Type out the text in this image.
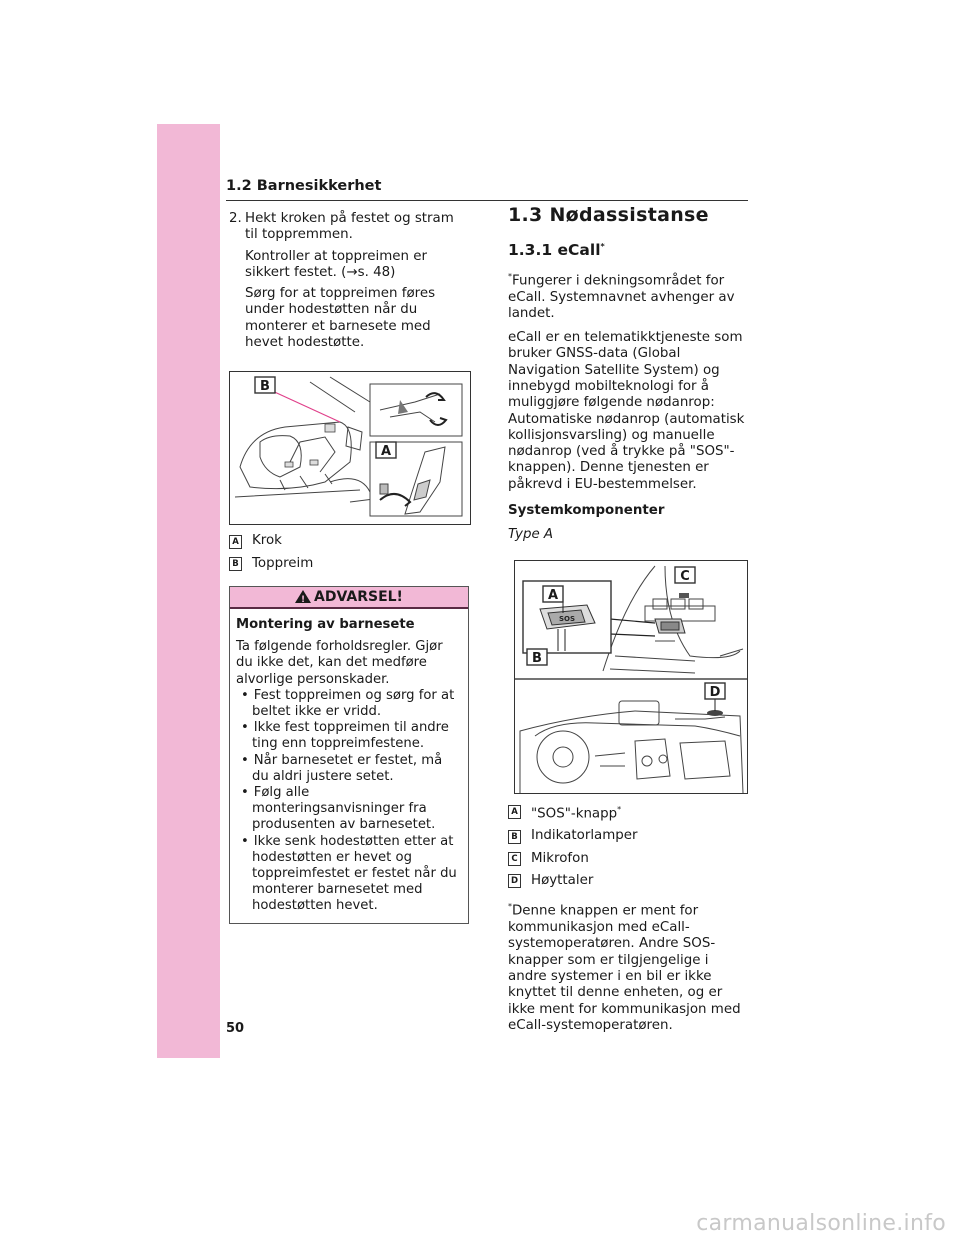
1.2 Barnesikkerhet
2. Hekt kroken på festet og stram til toppremmen.

Kontroller at toppreimen er sikkert festet. (→s. 48)

Sørg for at toppreimen føres under hodestøtten når du monterer et barnesete med hevet hodestøtte.

B
A
A Krok
B Toppreim
! ADVARSEL!

Montering av barnesete

Ta følgende forholdsregler. Gjør du ikke det, kan det medføre alvorlige personskader.

• Fest toppreimen og sørg for at beltet ikke er vridd.
• Ikke fest toppreimen til andre ting enn toppreimfestene.
• Når barnesetet er festet, må du aldri justere setet.
• Følg alle monteringsanvisninger fra produsenten av barnesetet.
• Ikke senk hodestøtten etter at hodestøtten er hevet og toppreimfestet er festet når du monterer barnesetet med hodestøtten hevet.
1.3 Nødassistanse
1.3.1 eCall*

*Fungerer i dekningsområdet for eCall. Systemnavnet avhenger av landet.

eCall er en telematikktjeneste som bruker GNSS-data (Global Navigation Satellite System) og innebygd mobilteknologi for å muliggjøre følgende nødanrop: Automatiske nødanrop (automatisk kollisjonsvarsling) og manuelle nødanrop (ved å trykke på "SOS"-knappen). Denne tjenesten er påkrevd i EU-bestemmelser.

Systemkomponenter

Type A

SOS
A
B
C
D
A "SOS"-knapp*
B Indikatorlamper
C Mikrofon
D Høyttaler

*Denne knappen er ment for kommunikasjon med eCall-systemoperatøren. Andre SOS-knapper som er tilgjengelige i andre systemer i en bil er ikke knyttet til denne enheten, og er ikke ment for kommunikasjon med eCall-systemoperatøren.

50
carmanualsonline.info
